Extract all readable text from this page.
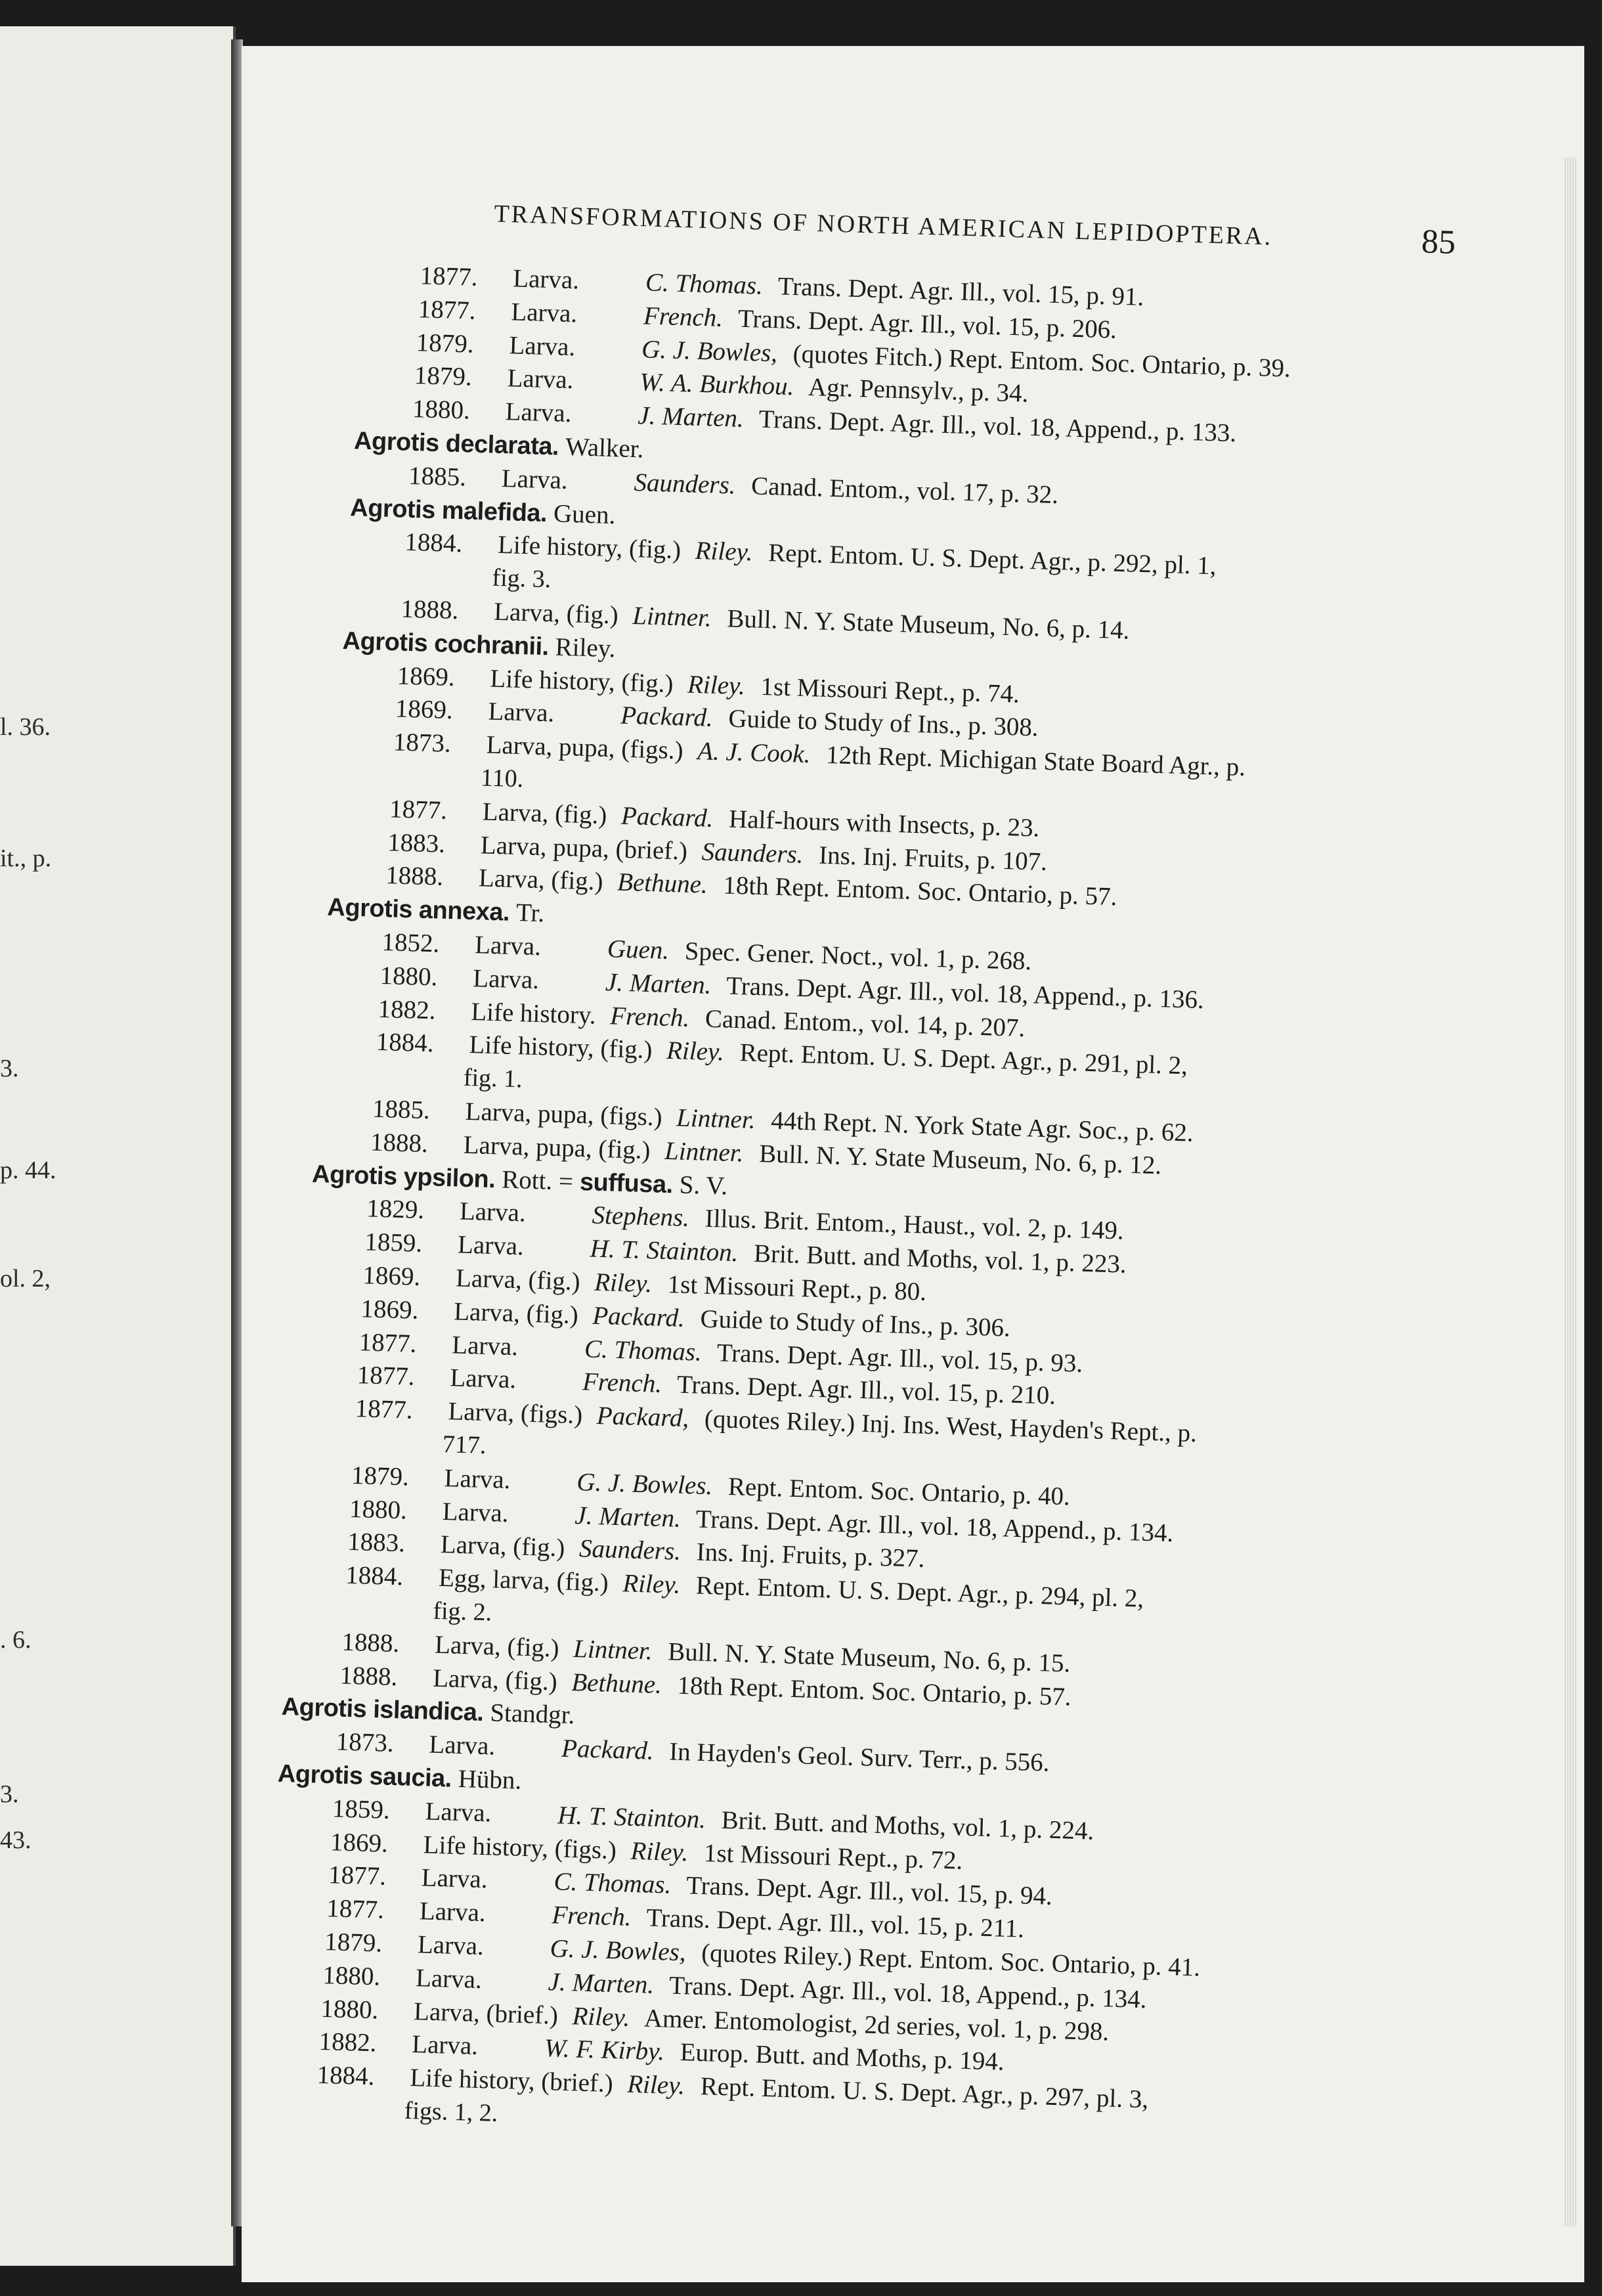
l. 36.
it., p.
3.
p. 44.
ol. 2,
. 6.
3.
43.
TRANSFORMATIONS OF NORTH AMERICAN LEPIDOPTERA.	85
1877. Larva.	C. Thomas. Trans. Dept. Agr. Ill., vol. 15, p. 91.
1877. Larva.	French. Trans. Dept. Agr. Ill., vol. 15, p. 206.
1879. Larva.	G. J. Bowles, (quotes Fitch.) Rept. Entom. Soc. Ontario, p. 39.
1879. Larva.	W. A. Burkhou. Agr. Pennsylv., p. 34.
1880. Larva.	J. Marten. Trans. Dept. Agr. Ill., vol. 18, Append., p. 133.
Agrotis declarata. Walker.
1885. Larva.	Saunders. Canad. Entom., vol. 17, p. 32.
Agrotis malefida. Guen.
1884. Life history, (fig.) Riley. Rept. Entom. U. S. Dept. Agr., p. 292, pl. 1,
fig. 3.
1888. Larva, (fig.) Lintner. Bull. N. Y. State Museum, No. 6, p. 14.
Agrotis cochranii. Riley.
1869. Life history, (fig.) Riley. 1st Missouri Rept., p. 74.
1869. Larva.	Packard. Guide to Study of Ins., p. 308.
1873. Larva, pupa, (figs.) A. J. Cook. 12th Rept. Michigan State Board Agr., p.
110.
1877. Larva, (fig.) Packard. Half-hours with Insects, p. 23.
1883. Larva, pupa, (brief.) Saunders. Ins. Inj. Fruits, p. 107.
1888. Larva, (fig.) Bethune. 18th Rept. Entom. Soc. Ontario, p. 57.
Agrotis annexa. Tr.
1852. Larva.	Guen. Spec. Gener. Noct., vol. 1, p. 268.
1880. Larva.	J. Marten. Trans. Dept. Agr. Ill., vol. 18, Append., p. 136.
1882. Life history. French. Canad. Entom., vol. 14, p. 207.
1884. Life history, (fig.) Riley. Rept. Entom. U. S. Dept. Agr., p. 291, pl. 2,
fig. 1.
1885. Larva, pupa, (figs.) Lintner. 44th Rept. N. York State Agr. Soc., p. 62.
1888. Larva, pupa, (fig.) Lintner. Bull. N. Y. State Museum, No. 6, p. 12.
Agrotis ypsilon. Rott. = suffusa. S. V.
1829. Larva.	Stephens. Illus. Brit. Entom., Haust., vol. 2, p. 149.
1859. Larva.	H. T. Stainton. Brit. Butt. and Moths, vol. 1, p. 223.
1869. Larva, (fig.) Riley. 1st Missouri Rept., p. 80.
1869. Larva, (fig.) Packard. Guide to Study of Ins., p. 306.
1877. Larva.	C. Thomas. Trans. Dept. Agr. Ill., vol. 15, p. 93.
1877. Larva.	French. Trans. Dept. Agr. Ill., vol. 15, p. 210.
1877. Larva, (figs.) Packard, (quotes Riley.) Inj. Ins. West, Hayden's Rept., p.
717.
1879. Larva.	G. J. Bowles. Rept. Entom. Soc. Ontario, p. 40.
1880. Larva.	J. Marten. Trans. Dept. Agr. Ill., vol. 18, Append., p. 134.
1883. Larva, (fig.) Saunders. Ins. Inj. Fruits, p. 327.
1884. Egg, larva, (fig.) Riley. Rept. Entom. U. S. Dept. Agr., p. 294, pl. 2,
fig. 2.
1888. Larva, (fig.) Lintner. Bull. N. Y. State Museum, No. 6, p. 15.
1888. Larva, (fig.) Bethune. 18th Rept. Entom. Soc. Ontario, p. 57.
Agrotis islandica. Standgr.
1873. Larva.	Packard. In Hayden's Geol. Surv. Terr., p. 556.
Agrotis saucia. Hübn.
1859. Larva.	H. T. Stainton. Brit. Butt. and Moths, vol. 1, p. 224.
1869. Life history, (figs.) Riley. 1st Missouri Rept., p. 72.
1877. Larva.	C. Thomas. Trans. Dept. Agr. Ill., vol. 15, p. 94.
1877. Larva.	French. Trans. Dept. Agr. Ill., vol. 15, p. 211.
1879. Larva.	G. J. Bowles, (quotes Riley.) Rept. Entom. Soc. Ontario, p. 41.
1880. Larva.	J. Marten. Trans. Dept. Agr. Ill., vol. 18, Append., p. 134.
1880. Larva, (brief.) Riley. Amer. Entomologist, 2d series, vol. 1, p. 298.
1882. Larva.	W. F. Kirby. Europ. Butt. and Moths, p. 194.
1884. Life history, (brief.) Riley. Rept. Entom. U. S. Dept. Agr., p. 297, pl. 3,
figs. 1, 2.
